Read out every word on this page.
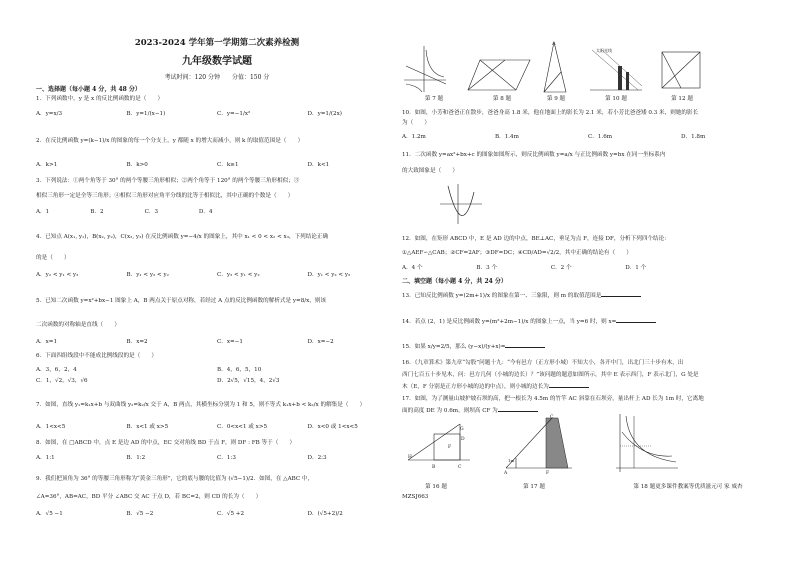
2023-2024 学年第一学期第二次素养检测
九年级数学试题
考试时间：120 分钟　　分值：150 分
一、选择题（每小题 4 分，共 48 分）
1．下列函数中，y 是 x 的反比例函数的是（　　）
A．y=x/3	B．y=1/(x−1)	C．y=−1/x²	D．y=1/(2x)
2．在反比例函数 y=(k−1)/x 的图象的每一个分支上，y 都随 x 的增大而减小，则 k 的取值范围是（　　）
A．k>1	B．k>0	C．k≥1	D．k<1
3．下列说法：①两个角等于 30° 的两个等腰三角形相似；②两个角等于 120° 的两个等腰三角形相似；③
相似三角形一定是全等三角形；④相似三角形对应角平分线的比等于相似比，其中正确的个数是（　　）
A．1	B．2	C．3	D．4
4．已知点 A(x₁, y₁)，B(x₂, y₂)，C(x₃, y₃) 在反比例函数 y=−4/x 的图象上，其中 x₁ < 0 < x₂ < x₃，下列结论正确
的是（　　）
A．y₂ < y₁ < y₃	B．y₁ < y₃ < y₂	C．y₃ < y₁ < y₂	D．y₁ < y₂ < y₃
5．已知二次函数 y=x²+bx−1 图象上 A，B 两点关于原点对称，若经过 A 点的反比例函数的解析式是 y=8/x，则该
二次函数的对称轴是直线（　　）
A．x=1	B．x=2	C．x=−1	D．x=−2
6．下面四组线段中不能成比例线段的是（　　）
A．3，6，2，4	B．4，6，5，10
C．1，√2，√3，√6	D．2√5，√15，4，2√3
7．如图，直线 y₁=k₁x+b 与双曲线 y₂=k₂/x 交于 A，B 两点，其横坐标分别为 1 和 5，则不等式 k₁x+b < k₂/x 的解集是（　　）
A．1<x<5	B．x<1 或 x>5	C．0<x<1 或 x>5	D．x<0 或 1<x<5
8．如图，在 □ABCD 中，点 E 是边 AD 的中点，EC 交对角线 BD 于点 F，则 DF : FB 等于（　　）
A．1:1	B．1:2	C．1:3	D．2:3
9．我们把顶角为 36° 的等腰三角形称为“黄金三角形”，它的底与腰的比值为 (√5−1)/2．如图，在 △ABC 中，
∠A=36°，AB=AC，BD 平分 ∠ABC 交 AC 于点 D，若 BC=2，则 CD 的长为（　　）
A．√5 −1	B．√5 −2	C．√5 +2	D．(√5+2)/2
A
太阳光线
第 7 题	第 8 题	第 9 题	第 10 题	第 12 题
10．如图，小芳和爸爸正在散步，爸爸身高 1.8 米，他在地面上的影长为 2.1 米，若小芳比爸爸矮 0.3 米，则她的影长
为（　　）
A．1.2m	B．1.4m	C．1.6m	D．1.8m
11．二次函数 y=ax²+bx+c 的图象如图所示，则反比例函数 y=a/x 与正比例函数 y=bx 在同一坐标系内
的大致图象是（　　）
12．如图，在矩形 ABCD 中，E 是 AD 边的中点，BE⊥AC，垂足为点 F，连接 DF，分析下列四个结论：
①△AEF∽△CAB；②CF=2AF；③DF=DC；④CD/AD=√2/2，其中正确的结论有（　　）
A．4 个	B．3 个	C．2 个	D．1 个
二、填空题（每小题 4 分，共 24 分）
13．已知反比例函数 y=(2m+1)/x 的图象在第一、三象限，则 m 的取值范围是
14．若点 (2，1) 是反比例函数 y=(m²+2m−1)/x 的图象上一点，当 y=6 时，则 x=
15．如果 x/y=2/5，那么 (y−x)/(y+x)=
16．《九章算术》第九章“勾股”问题十九：“今有邑方（正方形小城）不知大小，各开中门，出北门三十步有木，出
西门七百五十步见木，问：邑方几何（小城的边长）？”该问题的题意如图所示，其中 E 表示西门，F 表示北门，G 处是
木（E，F 分别是正方形小城的边的中点），则小城的边长为
17．如图，为了测量山坡护坡石坝的高，把一根长为 4.5m 的竹竿 AC 斜靠在石坝旁，量出杆上 AD 长为 1m 时，它离地
面的高度 DE 为 0.6m，则坝高 CF 为
H
G
D
F
B	C
1m
C
A	F
第 16 题	第 17 题	第 18 题更多课件教案等优质滋元可 家 威杏
MZSJ663
